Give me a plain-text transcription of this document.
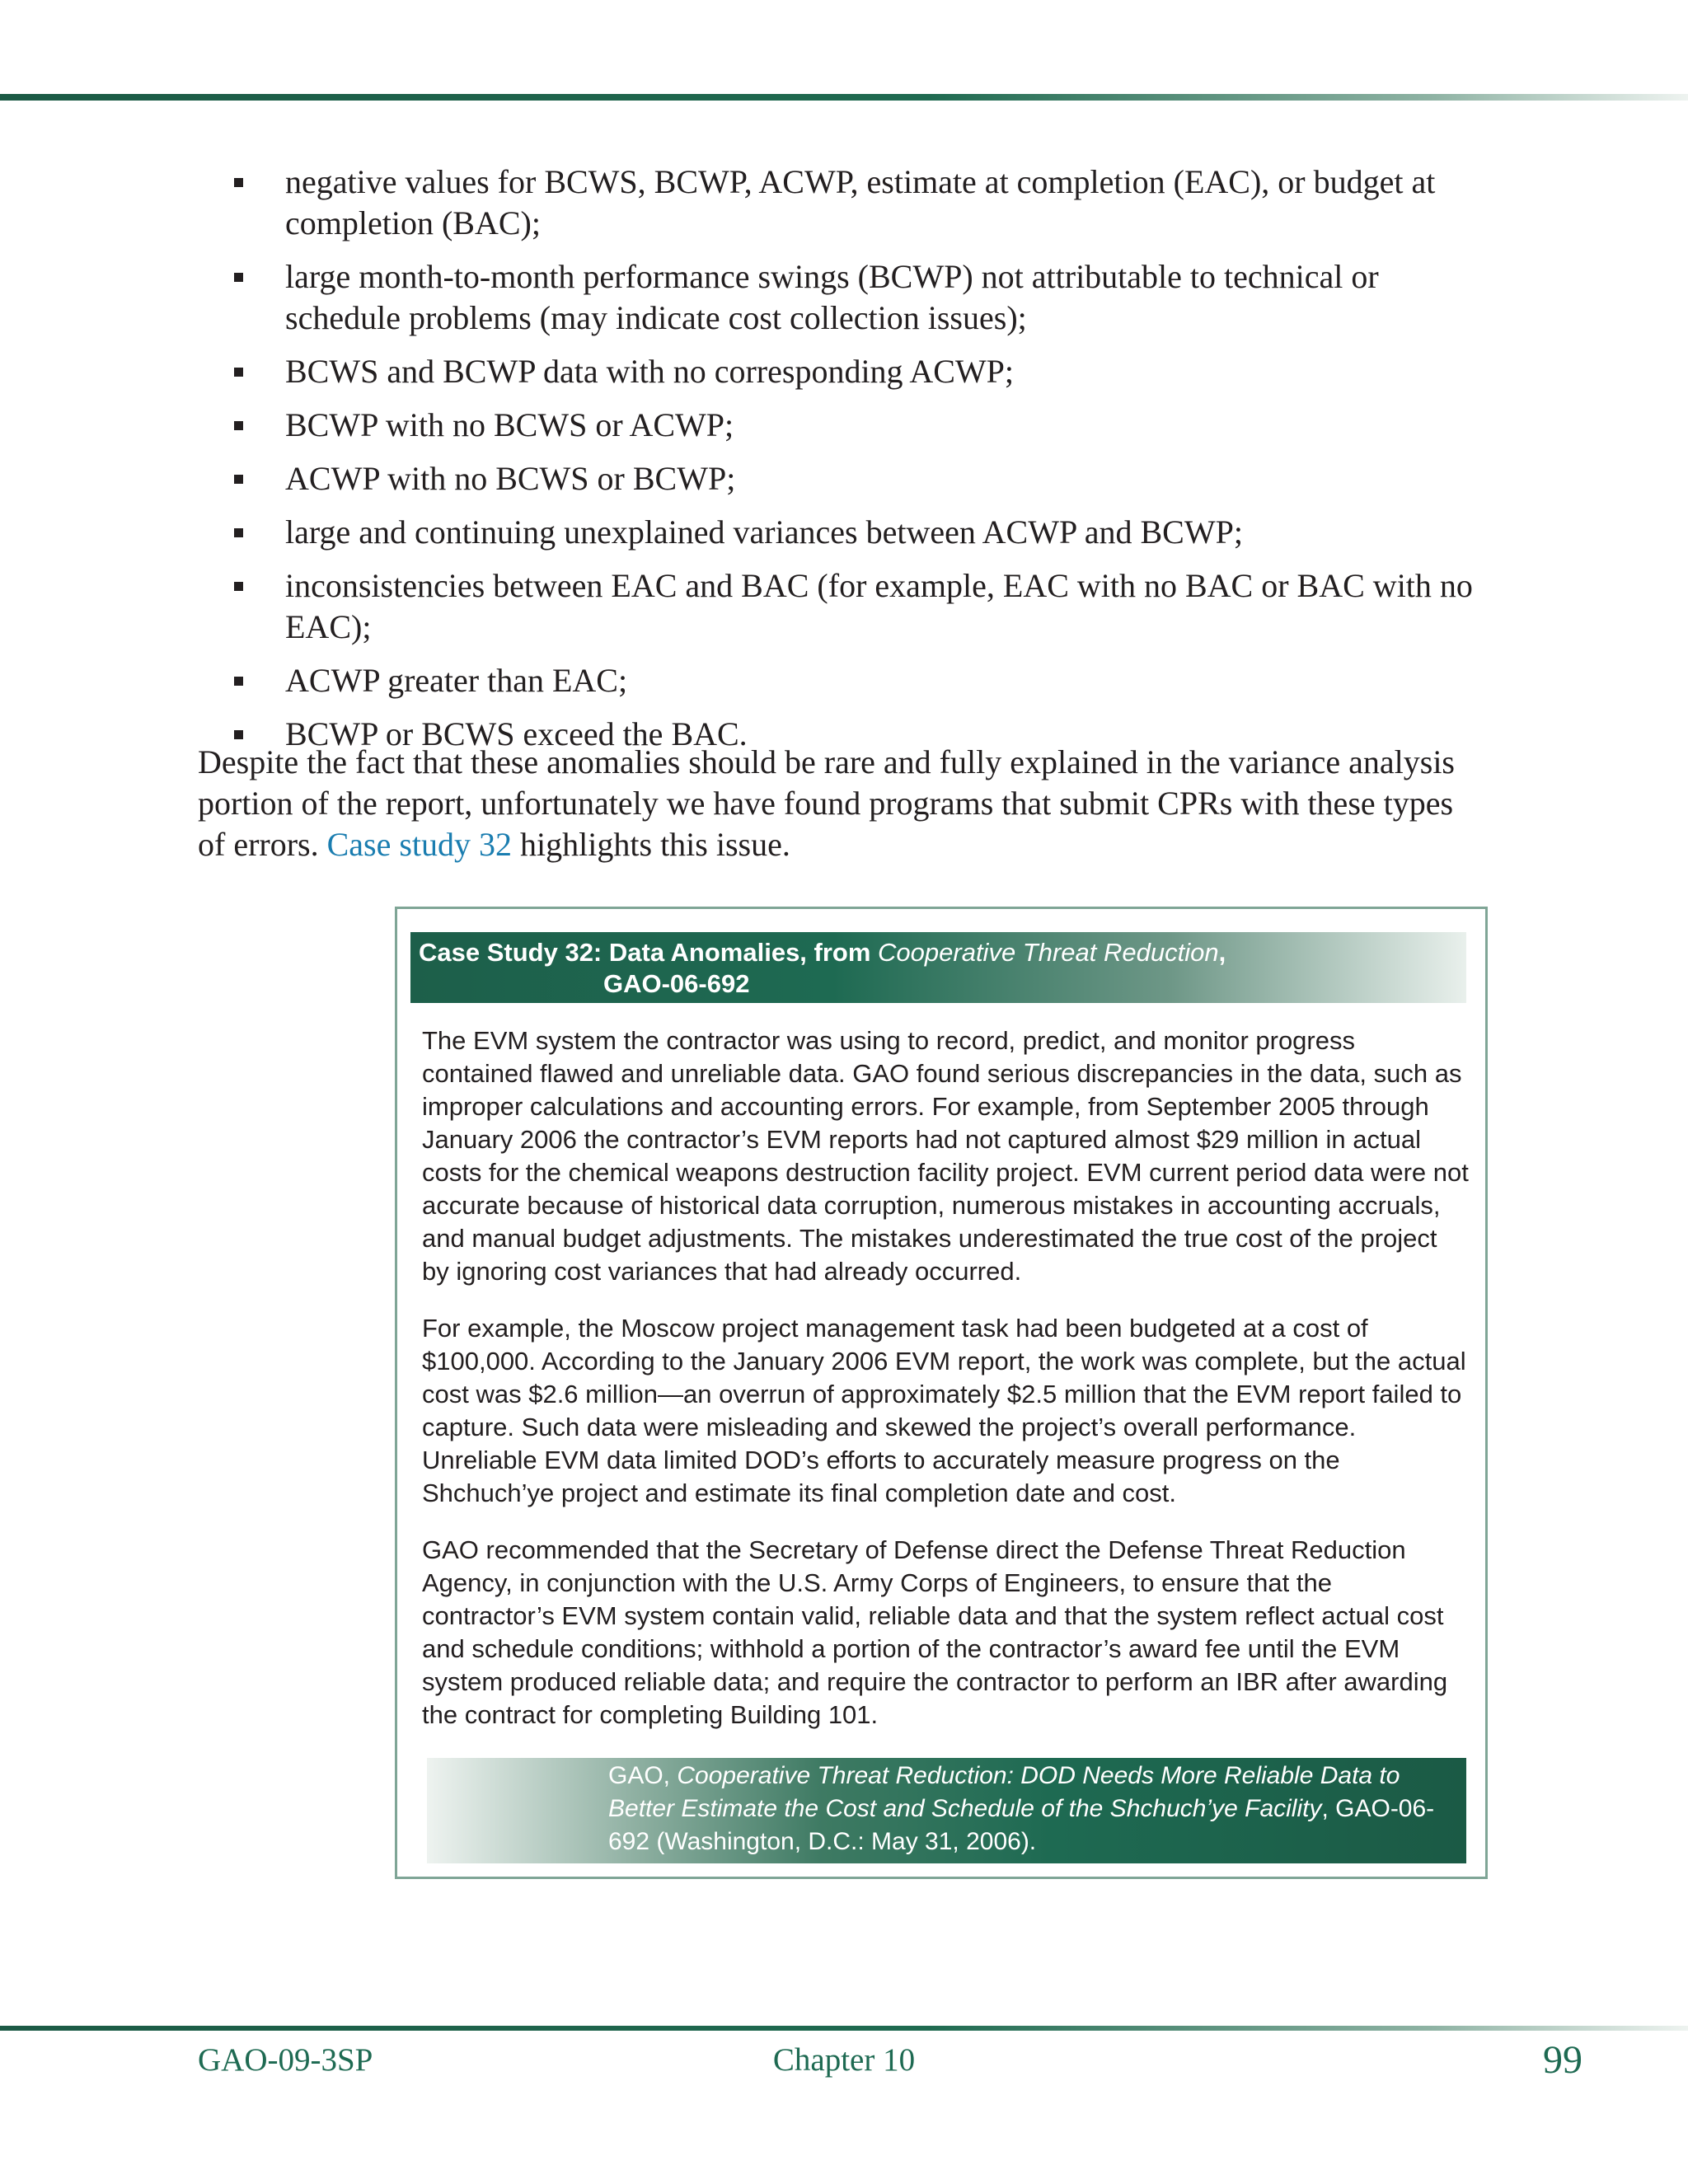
negative values for BCWS, BCWP, ACWP, estimate at completion (EAC), or budget at completion (BAC);
large month-to-month performance swings (BCWP) not attributable to technical or schedule problems (may indicate cost collection issues);
BCWS and BCWP data with no corresponding ACWP;
BCWP with no BCWS or ACWP;
ACWP with no BCWS or BCWP;
large and continuing unexplained variances between ACWP and BCWP;
inconsistencies between EAC and BAC (for example, EAC with no BAC or BAC with no EAC);
ACWP greater than EAC;
BCWP or BCWS exceed the BAC.

Despite the fact that these anomalies should be rare and fully explained in the variance analysis portion of the report, unfortunately we have found programs that submit CPRs with these types of errors. Case study 32 highlights this issue.

Case Study 32: Data Anomalies, from Cooperative Threat Reduction,
GAO-06-692

The EVM system the contractor was using to record, predict, and monitor progress contained flawed and unreliable data. GAO found serious discrepancies in the data, such as improper calculations and accounting errors. For example, from September 2005 through January 2006 the contractor’s EVM reports had not captured almost $29 million in actual costs for the chemical weapons destruction facility project. EVM current period data were not accurate because of historical data corruption, numerous mistakes in accounting accruals, and manual budget adjustments. The mistakes underestimated the true cost of the project by ignoring cost variances that had already occurred.

For example, the Moscow project management task had been budgeted at a cost of $100,000. According to the January 2006 EVM report, the work was complete, but the actual cost was $2.6 million—an overrun of approximately $2.5 million that the EVM report failed to capture. Such data were misleading and skewed the project’s overall performance. Unreliable EVM data limited DOD’s efforts to accurately measure progress on the Shchuch’ye project and estimate its final completion date and cost.

GAO recommended that the Secretary of Defense direct the Defense Threat Reduction Agency, in conjunction with the U.S. Army Corps of Engineers, to ensure that the contractor’s EVM system contain valid, reliable data and that the system reflect actual cost and schedule conditions; withhold a portion of the contractor’s award fee until the EVM system produced reliable data; and require the contractor to perform an IBR after awarding the contract for completing Building 101.

GAO, Cooperative Threat Reduction: DOD Needs More Reliable Data to Better Estimate the Cost and Schedule of the Shchuch’ye Facility, GAO-06-692 (Washington, D.C.: May 31, 2006).
GAO-09-3SP	Chapter 10	99
